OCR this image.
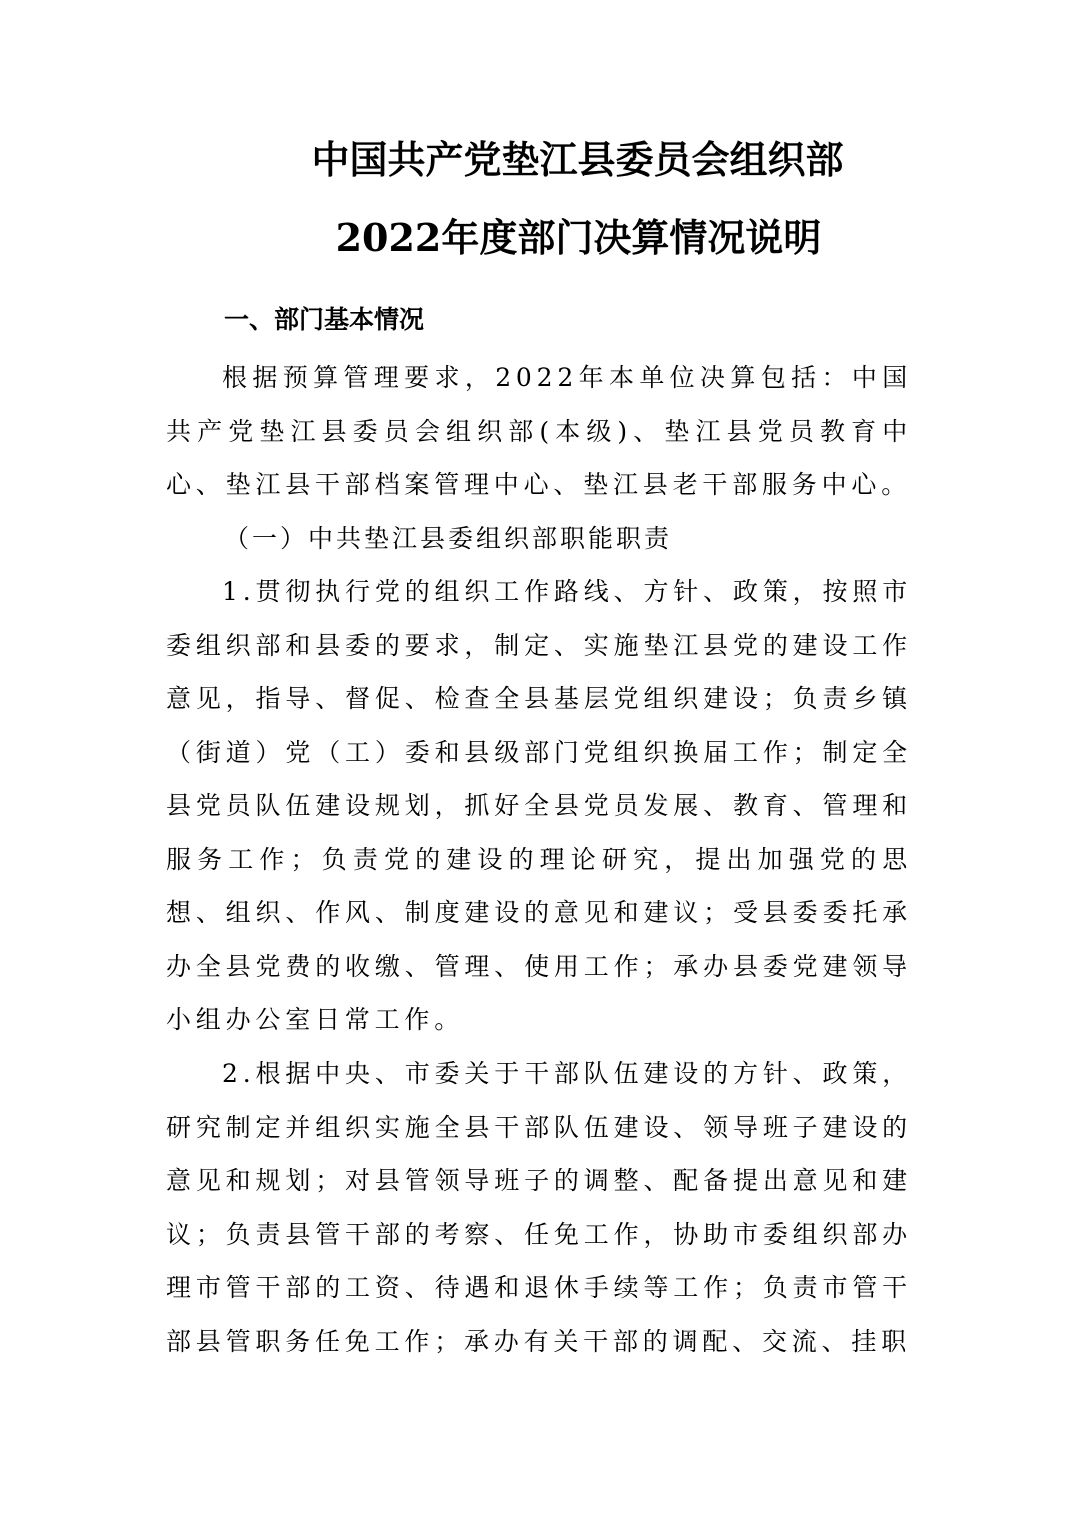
中国共产党垫江县委员会组织部
2022年度部门决算情况说明
一、部门基本情况
根据预算管理要求，2022年本单位决算包括：中国共产党垫江县委员会组织部(本级)、垫江县党员教育中心、垫江县干部档案管理中心、垫江县老干部服务中心。
（一）中共垫江县委组织部职能职责
1.贯彻执行党的组织工作路线、方针、政策，按照市委组织部和县委的要求，制定、实施垫江县党的建设工作意见，指导、督促、检查全县基层党组织建设；负责乡镇（街道）党（工）委和县级部门党组织换届工作；制定全县党员队伍建设规划，抓好全县党员发展、教育、管理和服务工作；负责党的建设的理论研究，提出加强党的思想、组织、作风、制度建设的意见和建议；受县委委托承办全县党费的收缴、管理、使用工作；承办县委党建领导小组办公室日常工作。
2.根据中央、市委关于干部队伍建设的方针、政策，研究制定并组织实施全县干部队伍建设、领导班子建设的意见和规划；对县管领导班子的调整、配备提出意见和建议；负责县管干部的考察、任免工作，协助市委组织部办理市管干部的工资、待遇和退休手续等工作；负责市管干部县管职务任免工作；承办有关干部的调配、交流、挂职
